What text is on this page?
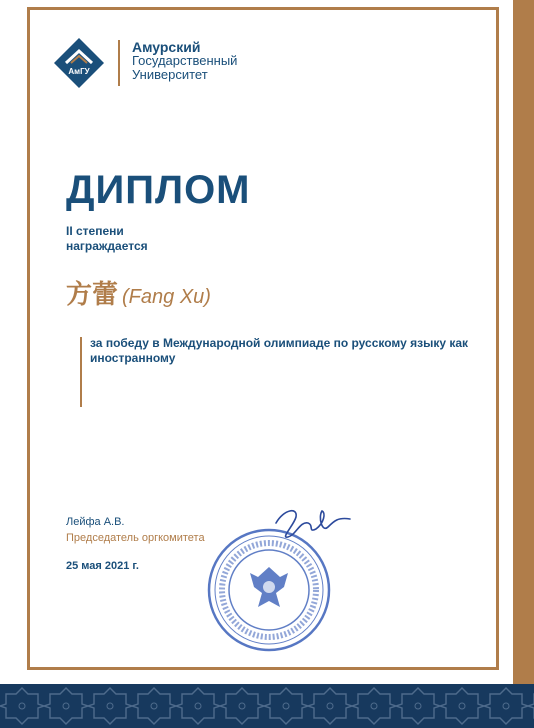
АмГУ
Амурский
Государственный
Университет
ДИПЛОМ
II степени
награждается
方蕾 (Fang Xu)
за победу в Международной олимпиаде по русскому языку как иностранному
Лейфа А.В.
Председатель оргкомитета
25 мая 2021 г.
